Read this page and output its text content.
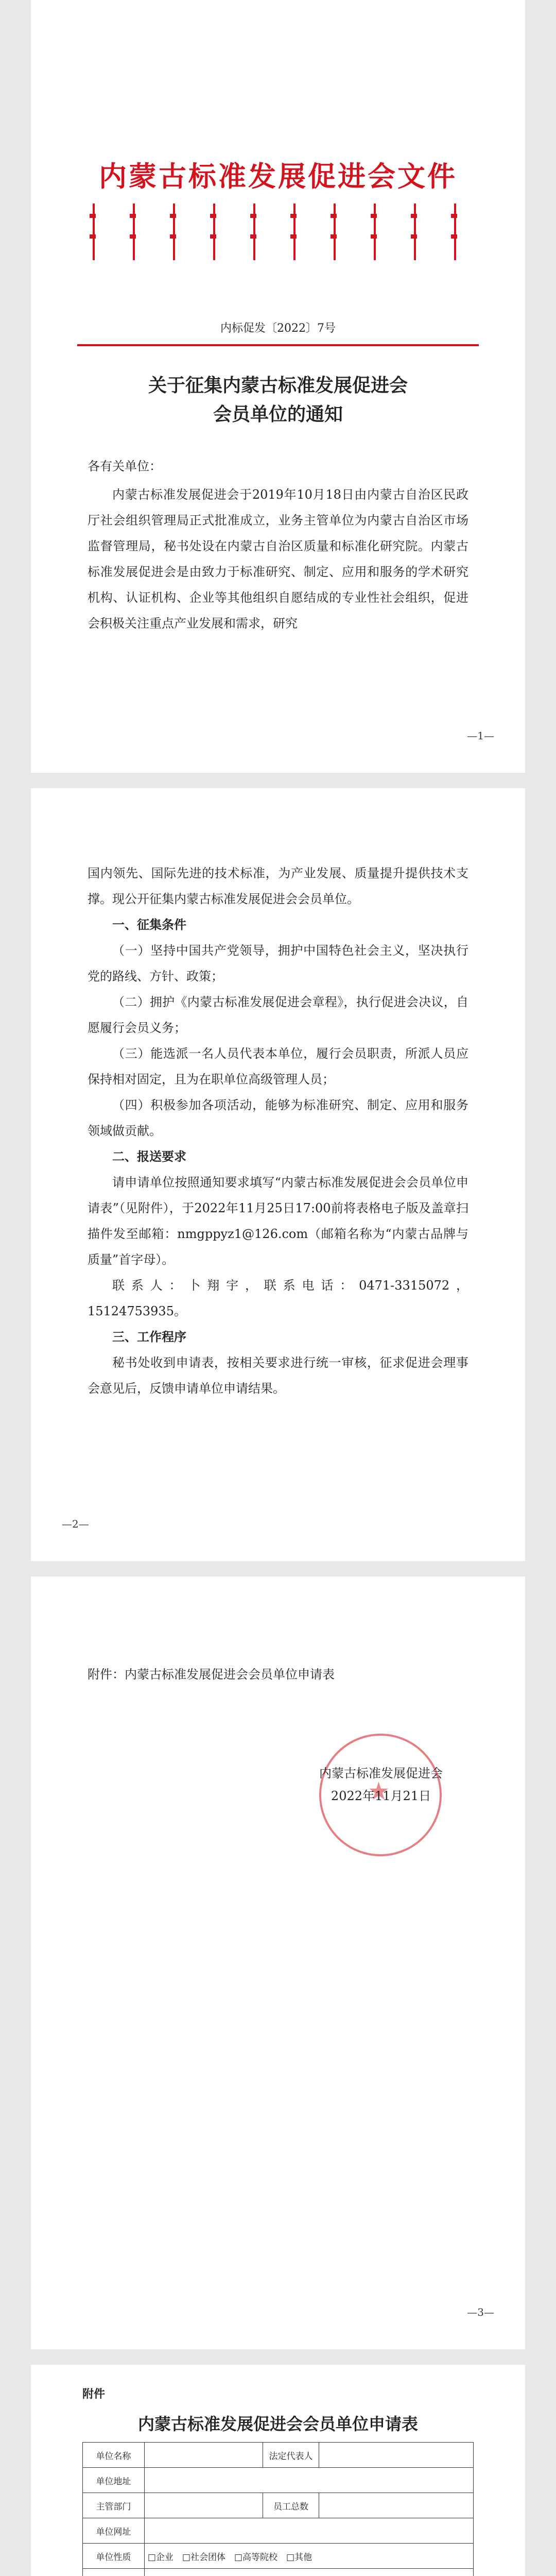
内蒙古标准发展促进会文件
内标促发〔2022〕7号
关于征集内蒙古标准发展促进会
会员单位的通知
各有关单位：

内蒙古标准发展促进会于2019年10月18日由内蒙古自治区民政厅社会组织管理局正式批准成立，业务主管单位为内蒙古自治区市场监督管理局，秘书处设在内蒙古自治区质量和标准化研究院。内蒙古标准发展促进会是由致力于标准研究、制定、应用和服务的学术研究机构、认证机构、企业等其他组织自愿结成的专业性社会组织，促进会积极关注重点产业发展和需求，研究

—1—

国内领先、国际先进的技术标准，为产业发展、质量提升提供技术支撑。现公开征集内蒙古标准发展促进会会员单位。

一、征集条件

（一）坚持中国共产党领导，拥护中国特色社会主义，坚决执行党的路线、方针、政策；

（二）拥护《内蒙古标准发展促进会章程》，执行促进会决议，自愿履行会员义务；

（三）能选派一名人员代表本单位，履行会员职责，所派人员应保持相对固定，且为在职单位高级管理人员；

（四）积极参加各项活动，能够为标准研究、制定、应用和服务领域做贡献。

二、报送要求

请申请单位按照通知要求填写“内蒙古标准发展促进会会员单位申请表”（见附件），于2022年11月25日17:00前将表格电子版及盖章扫描件发至邮箱：nmgppyz1@126.com（邮箱名称为“内蒙古品牌与质量”首字母）。

联系人：卜翔宇，联系电话：0471-3315072，15124753935。

三、工作程序

秘书处收到申请表，按相关要求进行统一审核，征求促进会理事会意见后，反馈申请单位申请结果。

—2—
附件：内蒙古标准发展促进会会员单位申请表
★
内蒙古标准发展促进会
2022年11月21日
—3—
附件
内蒙古标准发展促进会会员单位申请表
单位名称			法定代表人			
单位地址						
主管部门			员工总数			
单位网址						
单位性质	□企业　□社会团体　□高等院校　□其他					
